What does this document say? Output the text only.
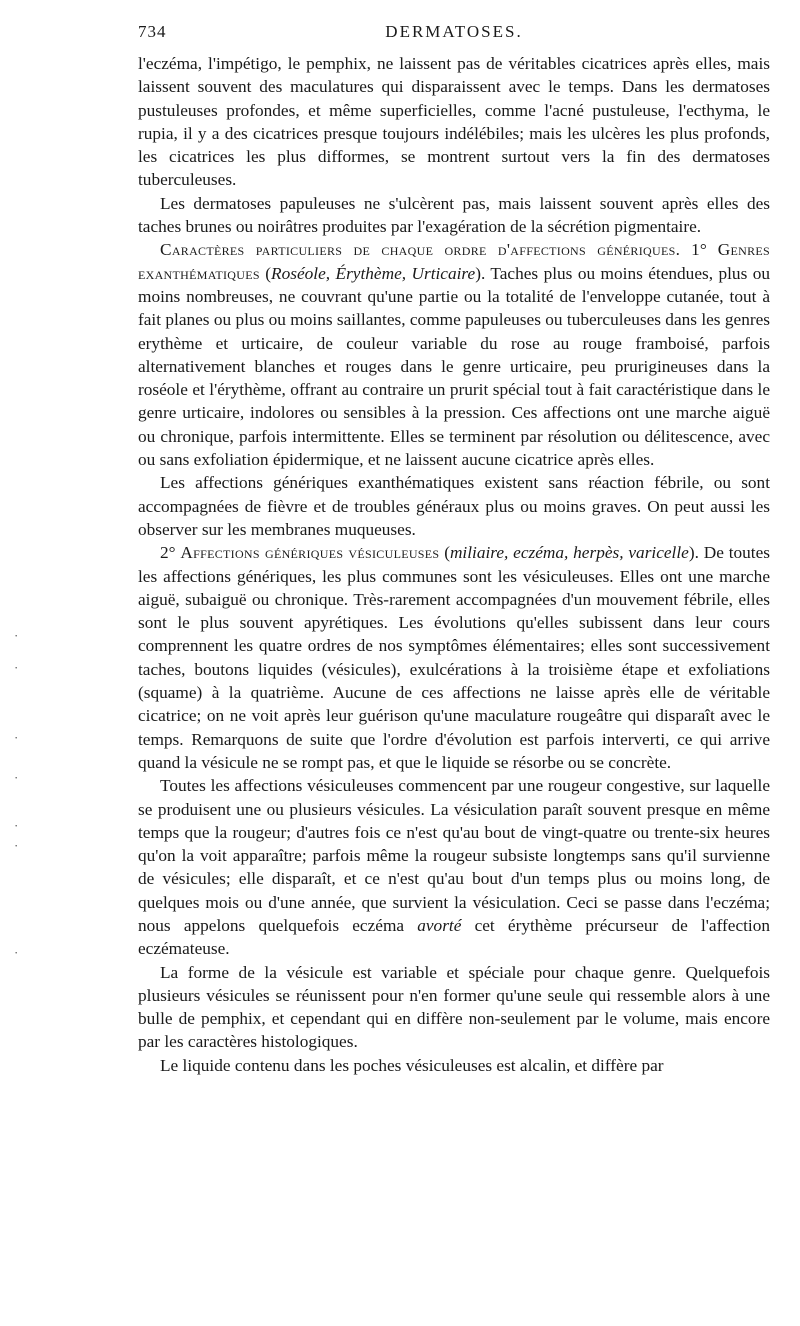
·
·
·
·
·
·
·
734	DERMATOSES.

l'eczéma, l'impétigo, le pemphix, ne laissent pas de véritables cicatrices après elles, mais laissent souvent des maculatures qui disparaissent avec le temps. Dans les dermatoses pustuleuses profondes, et même superficielles, comme l'acné pustuleuse, l'ecthyma, le rupia, il y a des cicatrices presque toujours indélébiles; mais les ulcères les plus profonds, les cicatrices les plus difformes, se montrent surtout vers la fin des dermatoses tuberculeuses.

Les dermatoses papuleuses ne s'ulcèrent pas, mais laissent souvent après elles des taches brunes ou noirâtres produites par l'exagération de la sécrétion pigmentaire.

Caractères particuliers de chaque ordre d'affections génériques. 1° Genres exanthématiques (Roséole, Érythème, Urticaire). Taches plus ou moins étendues, plus ou moins nombreuses, ne couvrant qu'une partie ou la totalité de l'enveloppe cutanée, tout à fait planes ou plus ou moins saillantes, comme papuleuses ou tuberculeuses dans les genres erythème et urticaire, de couleur variable du rose au rouge framboisé, parfois alternativement blanches et rouges dans le genre urticaire, peu prurigineuses dans la roséole et l'érythème, offrant au contraire un prurit spécial tout à fait caractéristique dans le genre urticaire, indolores ou sensibles à la pression. Ces affections ont une marche aiguë ou chronique, parfois intermittente. Elles se terminent par résolution ou délitescence, avec ou sans exfoliation épidermique, et ne laissent aucune cicatrice après elles.

Les affections génériques exanthématiques existent sans réaction fébrile, ou sont accompagnées de fièvre et de troubles généraux plus ou moins graves. On peut aussi les observer sur les membranes muqueuses.

2° Affections génériques vésiculeuses (miliaire, eczéma, herpès, varicelle). De toutes les affections génériques, les plus communes sont les vésiculeuses. Elles ont une marche aiguë, subaiguë ou chronique. Très-rarement accompagnées d'un mouvement fébrile, elles sont le plus souvent apyrétiques. Les évolutions qu'elles subissent dans leur cours comprennent les quatre ordres de nos symptômes élémentaires; elles sont successivement taches, boutons liquides (vésicules), exulcérations à la troisième étape et exfoliations (squame) à la quatrième. Aucune de ces affections ne laisse après elle de véritable cicatrice; on ne voit après leur guérison qu'une maculature rougeâtre qui disparaît avec le temps. Remarquons de suite que l'ordre d'évolution est parfois interverti, ce qui arrive quand la vésicule ne se rompt pas, et que le liquide se résorbe ou se concrète.

Toutes les affections vésiculeuses commencent par une rougeur congestive, sur laquelle se produisent une ou plusieurs vésicules. La vésiculation paraît souvent presque en même temps que la rougeur; d'autres fois ce n'est qu'au bout de vingt-quatre ou trente-six heures qu'on la voit apparaître; parfois même la rougeur subsiste longtemps sans qu'il survienne de vésicules; elle disparaît, et ce n'est qu'au bout d'un temps plus ou moins long, de quelques mois ou d'une année, que survient la vésiculation. Ceci se passe dans l'eczéma; nous appelons quelquefois eczéma avorté cet érythème précurseur de l'affection eczémateuse.

La forme de la vésicule est variable et spéciale pour chaque genre. Quelquefois plusieurs vésicules se réunissent pour n'en former qu'une seule qui ressemble alors à une bulle de pemphix, et cependant qui en diffère non-seulement par le volume, mais encore par les caractères histologiques.

Le liquide contenu dans les poches vésiculeuses est alcalin, et diffère par
